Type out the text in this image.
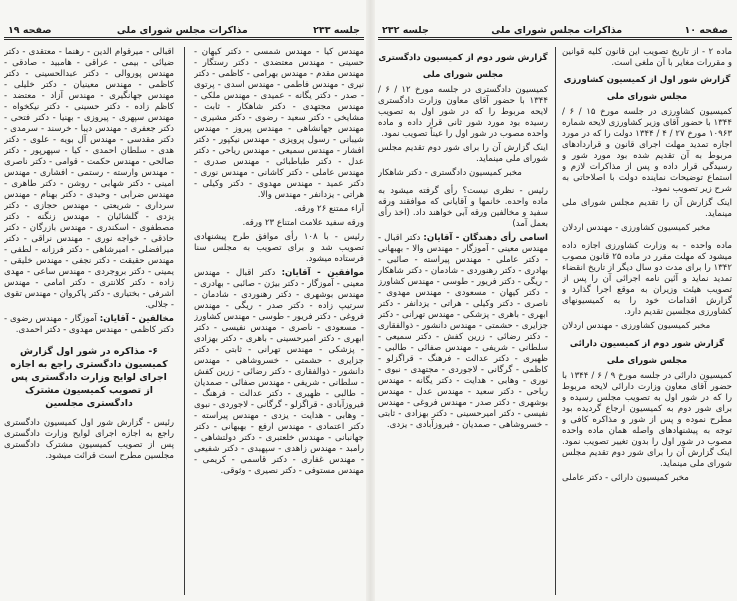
جلسه ۲۳۳
مذاکرات مجلس شورای ملی
صفحه ۱۹

مهندس کیا - مهندس شمسی - دکتر کیهان - حسینی - مهندس معتضدی - دکتر رستگار - مهندس مقدم - مهندس بهرامی - کاظمی - دکتر نیری - مهندس فاطمی - مهندس اسدی - پرتوی - صدر - دکتر یگانه - عمیدی - مهندس ملکی - مهندس مجتهدی - دکتر شاهکار - ثابت - مشایخی - دکتر سعید - رضوی - دکتر مشیری - مهندس جهانشاهی - مهندس پیروز - مهندس شیبانی - رسول پرویزی - مهندس نیکپور - دکتر افشار - مهندس سمیعی - مهندس ریاحی - دکتر عدل - دکتر طباطبائی - مهندس صدری - مهندس عاملی - دکتر کاشانی - مهندس نوری - دکتر عمید - مهندس مهدوی - دکتر وکیلی - هراتی - یزدانفر - مهندس والا.

آراء ممتنع ۲۶ ورقه.

ورقه سفید علامت امتناع ۲۳ ورقه.

رئیس - با ۱۰۸ رأی موافق طرح پیشنهادی تصویب شد و برای تصویب به مجلس سنا فرستاده میشود.

موافقین - آقایان: دکتر اقبال - مهندس معینی - آموزگار - دکتر بیژن - صائبی - بهادری - مهندس بوشهری - دکتر رهنوردی - شادمان - سرتیپ زاده - دکتر صدر - ریگی - مهندس فروغی - دکتر فریور - طوسی - مهندس کشاورز - مسعودی - ناصری - مهندس نفیسی - دکتر ابهری - دکتر امیرحسینی - باهری - دکتر بهزادی - پزشکی - مهندس تهرانی - ثابتی - دکتر جزایری - حشمتی - خسروشاهی - مهندس دانشور - ذوالفقاری - دکتر رضائی - زرین کفش - سلطانی - شریفی - مهندس صفائی - صمدیان - طالبی - ظهیری - دکتر عدالت - فرهنگ - فیروزآبادی - قراگزلو - گرگانی - لاجوردی - نبوی - وهابی - هدایت - یزدی - مهندس پیراسته - دکتر اعتمادی - مهندس ارفع - بهبهانی - دکتر جهانبانی - مهندس خلعتبری - دکتر دولتشاهی - رامبد - مهندس زاهدی - سپهبدی - دکتر شفیعی - مهندس غفاری - دکتر قاسمی - کریمی - مهندس مستوفی - دکتر نصیری - وثوقی.

اقبالی - میرقوام الدین - رهنما - معتقدی - دکتر ضیائی - بیمی - عراقی - هامبید - صادقی - مهندس پوروالی - دکتر عبدالحسینی - دکتر کاظمی - مهندس معینیان - دکتر خلیلی - مهندس جهانگیری - مهندس آزاد - معتضد - کاظم زاده - دکتر حسینی - دکتر نیکخواه - مهندس سپهری - پیروزی - بهنیا - دکتر فتحی - دکتر جعفری - مهندس دیبا - خرسند - سرمدی - دکتر مقدسی - مهندس آل بویه - علوی - دکتر هدی - سلطان احمدی - کیا - سپهرپور - دکتر صالحی - مهندس حکمت - قوامی - دکتر ناصری - مهندس وارسته - رستمی - افشاری - مهندس امینی - دکتر شهابی - روشن - دکتر طاهری - مهندس ضرابی - وحیدی - دکتر بهنام - مهندس سرداری - شریعتی - مهندس حجازی - دکتر یزدی - گلشائیان - مهندس زنگنه - دکتر مصطفوی - اسکندری - مهندس بازرگان - دکتر حاذقی - خواجه نوری - مهندس نراقی - دکتر میرافضلی - امیرشاهی - دکتر فرزانه - لطفی - مهندس حقیقت - دکتر نجفی - مهندس خلیقی - یمینی - دکتر بروجردی - مهندس ساعی - مهدی زاده - دکتر کلانتری - دکتر امامی - مهندس اشرفی - بختیاری - دکتر پاکروان - مهندس تقوی - جلالی.

مخالفین - آقایان: آموزگار - مهندس رضوی - دکتر کاظمی - مهندس مهدوی - دکتر احمدی.

۶- مذاکره در شور اول گزارش کمیسیون دادگستری راجع به اجازه اجرای لوایح وزارت دادگستری پس از تصویب کمیسیون مشترک دادگستری مجلسین

رئیس - گزارش شور اول کمیسیون دادگستری راجع به اجازه اجرای لوایح وزارت دادگستری پس از تصویب کمیسیون مشترک دادگستری مجلسین مطرح است قرائت میشود.

صفحه ۱۰
مذاکرات مجلس شورای ملی
جلسه ۲۳۲

ماده ۲ - از تاریخ تصویب این قانون کلیه قوانین و مقررات مغایر با آن ملغی است.

گزارش شور اول از کمیسیون کشاورزی

مجلس شورای ملی

کمیسیون کشاورزی در جلسه مورخ ۱۵ / ۶ / ۱۳۴۴ با حضور آقای وزیر کشاورزی لایحه شماره ۱۰۹۶۳ مورخ ۲۷ / ۴ / ۱۳۴۴ دولت را که در مورد اجازه تمدید مهلت اجرای قانون و قراردادهای مربوط به آن تقدیم شده بود مورد شور و رسیدگی قرار داده و پس از مذاکرات لازم و استماع توضیحات نماینده دولت با اصلاحاتی به شرح زیر تصویب نمود.

اینک گزارش آن را تقدیم مجلس شورای ملی مینماید.

مخبر کمیسیون کشاورزی - مهندس اردلان

ماده واحده - به وزارت کشاورزی اجازه داده میشود که مهلت مقرر در ماده ۲۵ قانون مصوب ۱۳۴۲ را برای مدت دو سال دیگر از تاریخ انقضاء تمدید نماید و آئین نامه اجرائی آن را پس از تصویب هیئت وزیران به موقع اجرا گذارد و گزارش اقدامات خود را به کمیسیونهای کشاورزی مجلسین تقدیم دارد.

مخبر کمیسیون کشاورزی - مهندس اردلان

گزارش شور دوم از کمیسیون دارائی

مجلس شورای ملی

کمیسیون دارائی در جلسه مورخ ۹ / ۶ / ۱۳۴۴ با حضور آقای معاون وزارت دارائی لایحه مربوط را که در شور اول به تصویب مجلس رسیده و برای شور دوم به کمیسیون ارجاع گردیده بود مطرح نموده و پس از شور و مذاکره کافی و توجه به پیشنهادهای واصله همان ماده واحده مصوب در شور اول را بدون تغییر تصویب نمود. اینک گزارش آن را برای شور دوم تقدیم مجلس شورای ملی مینماید.

مخبر کمیسیون دارائی - دکتر عاملی

گزارش شور دوم از کمیسیون دادگستری

مجلس شورای ملی

کمیسیون دادگستری در جلسه مورخ ۱۲ / ۶ / ۱۳۴۴ با حضور آقای معاون وزارت دادگستری لایحه مربوط را که در شور اول به تصویب رسیده بود مورد شور ثانی قرار داده و ماده واحده مصوب در شور اول را عیناً تصویب نمود.

اینک گزارش آن را برای شور دوم تقدیم مجلس شورای ملی مینماید.

مخبر کمیسیون دادگستری - دکتر شاهکار

رئیس - نظری نیست؟ رأی گرفته میشود به ماده واحده. خانمها و آقایانی که موافقند ورقه سفید و مخالفین ورقه آبی خواهند داد. (اخذ رأی بعمل آمد)

اسامی رأی دهندگان - آقایان: دکتر اقبال - مهندس معینی - آموزگار - مهندس والا - بهبهانی - دکتر عاملی - مهندس پیراسته - صائبی - بهادری - دکتر رهنوردی - شادمان - دکتر شاهکار - ریگی - دکتر فریور - طوسی - مهندس کشاورز - دکتر کیهان - مسعودی - مهندس مهدوی - ناصری - دکتر وکیلی - هراتی - یزدانفر - دکتر ابهری - باهری - پزشکی - مهندس تهرانی - دکتر جزایری - حشمتی - مهندس دانشور - ذوالفقاری - دکتر رضائی - زرین کفش - دکتر سمیعی - سلطانی - شریفی - مهندس صفائی - طالبی - ظهیری - دکتر عدالت - فرهنگ - قراگزلو - کاظمی - گرگانی - لاجوردی - مجتهدی - نبوی - نوری - وهابی - هدایت - دکتر یگانه - مهندس ریاحی - دکتر سعید - مهندس عدل - مهندس بوشهری - دکتر صدر - مهندس فروغی - مهندس نفیسی - دکتر امیرحسینی - دکتر بهزادی - ثابتی - خسروشاهی - صمدیان - فیروزآبادی - یزدی.
